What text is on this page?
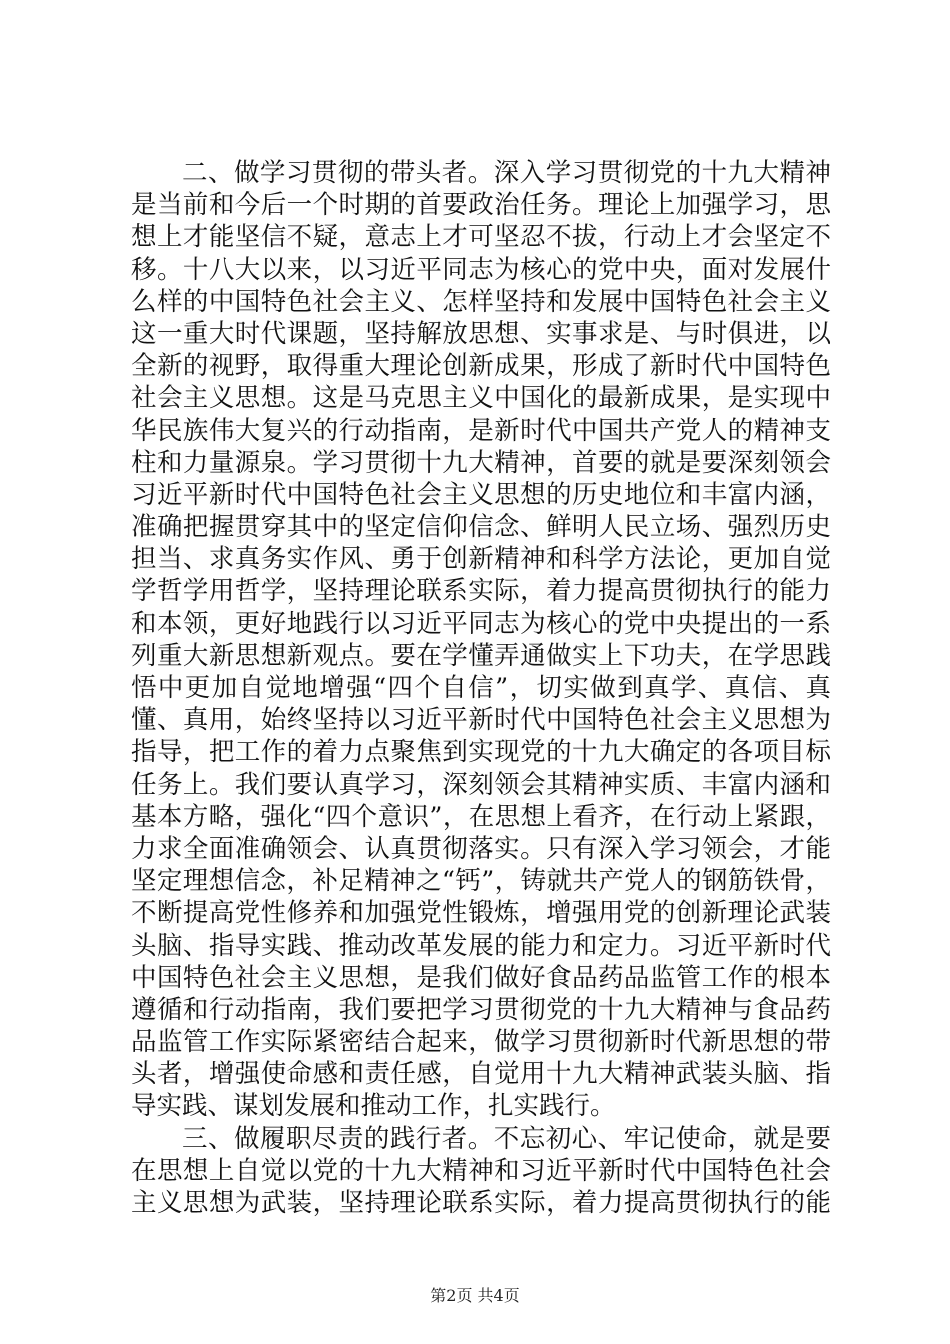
二、做学习贯彻的带头者。深入学习贯彻党的十九大精神
是当前和今后一个时期的首要政治任务。理论上加强学习，思
想上才能坚信不疑，意志上才可坚忍不拔，行动上才会坚定不
移。十八大以来，以习近平同志为核心的党中央，面对发展什
么样的中国特色社会主义、怎样坚持和发展中国特色社会主义
这一重大时代课题，坚持解放思想、实事求是、与时俱进，以
全新的视野，取得重大理论创新成果，形成了新时代中国特色
社会主义思想。这是马克思主义中国化的最新成果，是实现中
华民族伟大复兴的行动指南，是新时代中国共产党人的精神支
柱和力量源泉。学习贯彻十九大精神，首要的就是要深刻领会
习近平新时代中国特色社会主义思想的历史地位和丰富内涵，
准确把握贯穿其中的坚定信仰信念、鲜明人民立场、强烈历史
担当、求真务实作风、勇于创新精神和科学方法论，更加自觉
学哲学用哲学，坚持理论联系实际，着力提高贯彻执行的能力
和本领，更好地践行以习近平同志为核心的党中央提出的一系
列重大新思想新观点。要在学懂弄通做实上下功夫，在学思践
悟中更加自觉地增强“四个自信”，切实做到真学、真信、真
懂、真用，始终坚持以习近平新时代中国特色社会主义思想为
指导，把工作的着力点聚焦到实现党的十九大确定的各项目标
任务上。我们要认真学习，深刻领会其精神实质、丰富内涵和
基本方略，强化“四个意识”，在思想上看齐，在行动上紧跟，
力求全面准确领会、认真贯彻落实。只有深入学习领会，才能
坚定理想信念，补足精神之“钙”，铸就共产党人的钢筋铁骨，
不断提高党性修养和加强党性锻炼，增强用党的创新理论武装
头脑、指导实践、推动改革发展的能力和定力。习近平新时代
中国特色社会主义思想，是我们做好食品药品监管工作的根本
遵循和行动指南，我们要把学习贯彻党的十九大精神与食品药
品监管工作实际紧密结合起来，做学习贯彻新时代新思想的带
头者，增强使命感和责任感，自觉用十九大精神武装头脑、指
导实践、谋划发展和推动工作，扎实践行。
三、做履职尽责的践行者。不忘初心、牢记使命，就是要
在思想上自觉以党的十九大精神和习近平新时代中国特色社会
主义思想为武装，坚持理论联系实际，着力提高贯彻执行的能
第2页 共4页
